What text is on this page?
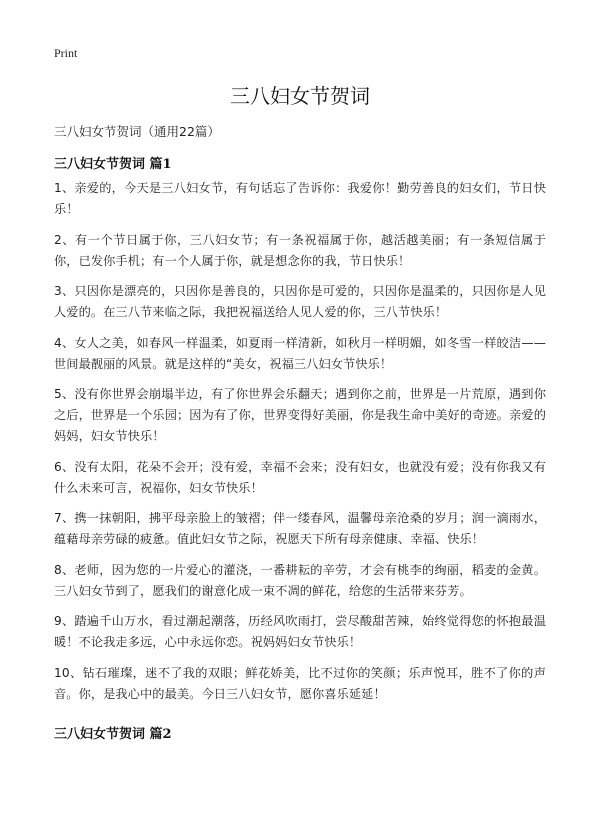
Print
三八妇女节贺词
三八妇女节贺词（通用22篇）
三八妇女节贺词 篇1

1、亲爱的，今天是三八妇女节，有句话忘了告诉你：我爱你！勤劳善良的妇女们，节日快乐！

2、有一个节日属于你，三八妇女节；有一条祝福属于你，越活越美丽；有一条短信属于你，已发你手机；有一个人属于你，就是想念你的我，节日快乐！

3、只因你是漂亮的，只因你是善良的，只因你是可爱的，只因你是温柔的，只因你是人见人爱的。在三八节来临之际，我把祝福送给人见人爱的你，三八节快乐！

4、女人之美，如春风一样温柔，如夏雨一样清新，如秋月一样明媚，如冬雪一样皎洁——世间最靓丽的风景。就是这样的“美女，祝福三八妇女节快乐！

5、没有你世界会崩塌半边，有了你世界会乐翻天；遇到你之前，世界是一片荒原，遇到你之后，世界是一个乐园；因为有了你，世界变得好美丽，你是我生命中美好的奇迹。亲爱的妈妈，妇女节快乐！

6、没有太阳，花朵不会开；没有爱，幸福不会来；没有妇女，也就没有爱；没有你我又有什么未来可言，祝福你，妇女节快乐！

7、携一抹朝阳，拂平母亲脸上的皱褶；伴一缕春风，温馨母亲沧桑的岁月；润一滴雨水，蕴藉母亲劳碌的疲惫。值此妇女节之际，祝愿天下所有母亲健康、幸福、快乐！

8、老师，因为您的一片爱心的灌浇，一番耕耘的辛劳，才会有桃李的绚丽，稻麦的金黄。三八妇女节到了，愿我们的谢意化成一束不凋的鲜花，给您的生活带来芬芳。

9、踏遍千山万水，看过潮起潮落，历经风吹雨打，尝尽酸甜苦辣，始终觉得您的怀抱最温暖！不论我走多远，心中永远你恋。祝妈妈妇女节快乐！

10、钻石璀璨，迷不了我的双眼；鲜花娇美，比不过你的笑颜；乐声悦耳，胜不了你的声音。你，是我心中的最美。今日三八妇女节，愿你喜乐延延！

三八妇女节贺词 篇2
